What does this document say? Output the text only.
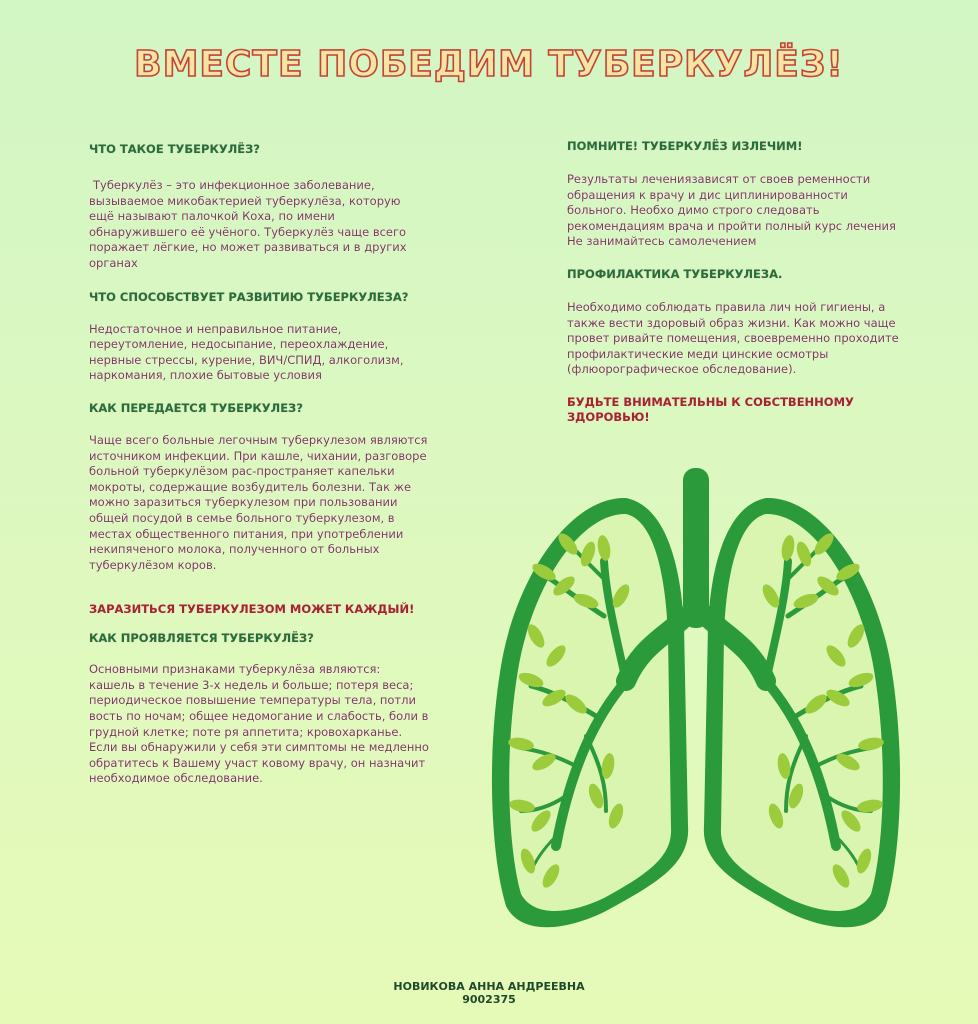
ВМЕСТЕ ПОБЕДИМ ТУБЕРКУЛЁЗ!

ЧТО ТАКОЕ ТУБЕРКУЛЁЗ?

Туберкулёз – это инфекционное заболевание, вызываемое микобактерией туберкулёза, которую ещё называют палочкой Коха, по имени обнаружившего её учёного. Туберкулёз чаще всего поражает лёгкие, но может развиваться и в других органах

ЧТО СПОСОБСТВУЕТ РАЗВИТИЮ ТУБЕРКУЛЕЗА?

Недостаточное и неправильное питание, переутомление, недосыпание, переохлаждение, нервные стрессы, курение, ВИЧ/СПИД, алкоголизм, наркомания, плохие бытовые условия

КАК ПЕРЕДАЕТСЯ ТУБЕРКУЛЕЗ?

Чаще всего больные легочным туберкулезом являются источником инфекции. При кашле, чихании, разговоре больной туберкулёзом рас-пространяет капельки мокроты, содержащие возбудитель болезни. Так же можно заразиться туберкулезом при пользовании общей посудой в семье больного туберкулезом, в местах общественного питания, при употреблении некипяченого молока, полученного от больных туберкулёзом коров.

ЗАРАЗИТЬСЯ ТУБЕРКУЛЕЗОМ МОЖЕТ КАЖДЫЙ!

КАК ПРОЯВЛЯЕТСЯ ТУБЕРКУЛЁЗ?

Основными признаками туберкулёза являются: кашель в течение 3-х недель и больше; потеря веса; периодическое повышение температуры тела, потли вость по ночам; общее недомогание и слабость, боли в грудной клетке; поте ря аппетита; кровохарканье. Если вы обнаружили у себя эти симптомы не медленно обратитесь к Вашему участ ковому врачу, он назначит необходимое обследование.

ПОМНИТЕ! ТУБЕРКУЛЁЗ ИЗЛЕЧИМ!

Результаты лечениязависят от своев ременности обращения к врачу и дис циплинированности больного. Необхо димо строго следовать рекомендациям врача и пройти полный курс лечения Не занимайтесь самолечением

ПРОФИЛАКТИКА ТУБЕРКУЛЕЗА.

Необходимо соблюдать правила лич ной гигиены, а также вести здоровый образ жизни. Как можно чаще провет ривайте помещения, своевременно проходите профилактические меди цинские осмотры (флюорографическое обследование).

БУДЬТЕ ВНИМАТЕЛЬНЫ К СОБСТВЕННОМУ ЗДОРОВЬЮ!

НОВИКОВА АННА АНДРЕЕВНА
9002375
